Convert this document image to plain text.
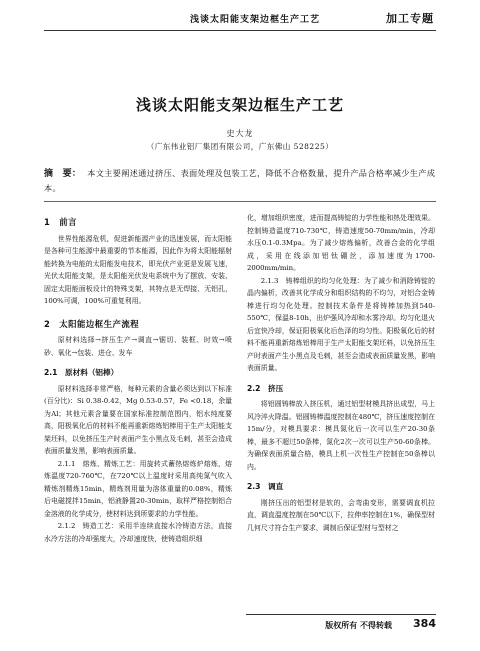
浅谈太阳能支架边框生产工艺	加工专题
浅谈太阳能支架边框生产工艺
史大龙
（广东伟业铝厂集团有限公司，广东佛山 528225）
摘　要： 本文主要阐述通过挤压、表面处理及包装工艺，降低不合格数量，提升产品合格率减少生产成本。
1　前言

世界性能源危机，促进新能源产业的迅速发展，而太阳能是各种可生能源中最重要的节本能源，因此作为将太阳能辐射能转换为电能的太阳能发电技术，即光伏产业更是发展飞速，光伏太阳能支架，是太阳能光伏发电系统中为了摆放、安装、固定太阳能面板设计的特殊支架，其特点是无焊接、无铝孔，100%可调，100%可重复利用。

2　太阳能边框生产流程

原材料选择→挤压生产→调直→锯切、装框、时效→喷砂、氧化→包装、进仓、发车

2.1　原材料（铝棒）

原材料选择非常严格，每种元素的含量必须达到以下标准(百分比)：Si 0.38-0.42，Mg 0.53-0.57，Fe <0.18，余量为Al；其他元素含量要在国家标准控制范围内，铝水纯度要高，阳极氧化后的材料不能再重新熔炼铝棒用于生产太阳能支架坯料，以免挤压生产时表面产生小黑点及毛刺，甚至会造成表面质量发黑，影响表面质量。

2.1.1　熔炼、精炼工艺：用旋转式蓄热熔炼炉熔炼，熔炼温度720-760℃，在720℃以上温度时采用高纯氮气吹入精炼剂精炼15min，精炼剂用量为溶体重量的0.08%，精炼后电磁搅拌15min，铝液静置20-30min，取样严格控制铝合金溶液的化学成分，使材料达到所要求的力学性能。

2.1.2　铸造工艺：采用半连续直接水冷铸造方法，直接水冷方法的冷却强度大，冷却速度快，使铸造组织细

化，增加组织密度，进而提高铸锭的力学性能和热处理效果。控制铸造温度710-730℃，铸造速度50-70mm/min，冷却水压0.1-0.3Mpa。为了减少熔炼偏析，改善合金的化学组成，采用在线添加铝钛硼丝，添加速度为1700-2000mm/min。

2.1.3　铸棒组织的均匀化处理：为了减少和消除铸锭的晶内偏析，改善其化学成分和组织结构的不均匀，对铝合金铸棒进行均匀化处理。控制技术条件是将铸棒加热到540-550℃，保温8-10h，出炉强风冷却和水雾冷却。均匀化退火后宜快冷却，保证阳极氧化后色泽的均匀性。阳极氧化后的材料不能再重新熔炼铝棒用于生产太阳能支架坯料，以免挤压生产时表面产生小黑点及毛刺，甚至会造成表面质量发黑，影响表面质量。

2.2　挤压

将铝圆铸棒放入挤压机，通过铝型材模具挤出成型，马上风冷淬火降温。铝圆铸棒温度控制在480℃，挤压速度控制在15m/分，对模具要求：模具氮化后一次可以生产20-30条棒，最多不超过50条棒，氮化2次一次可以生产50-60条棒。为确保表面质量合格，模具上机一次性生产控制在50条棒以内。

2.3　调直

刚挤压出的铝型材是软的，会弯曲变形，需要调直机拉直，调直温度控制在50℃以下，拉伸率控制在1%，确保型材几何尺寸符合生产要求，调制后保证型材与型材之

版权所有 不得转载 384
